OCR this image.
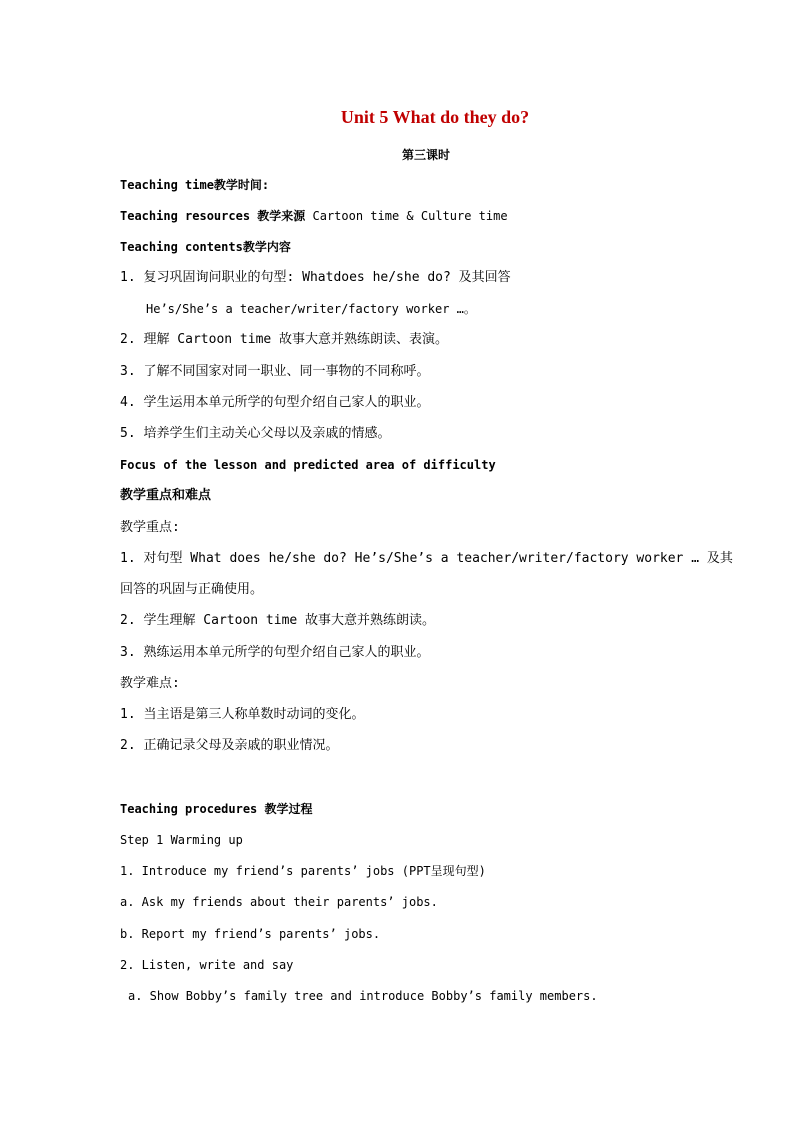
Unit 5 What do they do?
第三课时
Teaching time教学时间:
Teaching resources 教学来源 Cartoon time & Culture time
Teaching contents教学内容
1. 复习巩固询问职业的句型: Whatdoes he/she do? 及其回答
He’s/She’s a teacher/writer/factory worker …。
2. 理解 Cartoon time 故事大意并熟练朗读、表演。
3. 了解不同国家对同一职业、同一事物的不同称呼。
4. 学生运用本单元所学的句型介绍自己家人的职业。
5. 培养学生们主动关心父母以及亲戚的情感。
Focus of the lesson and predicted area of difficulty
教学重点和难点
教学重点:
1. 对句型 What does he/she do? He’s/She’s a teacher/writer/factory worker … 及其
回答的巩固与正确使用。
2. 学生理解 Cartoon time 故事大意并熟练朗读。
3. 熟练运用本单元所学的句型介绍自己家人的职业。
教学难点:
1. 当主语是第三人称单数时动词的变化。
2. 正确记录父母及亲戚的职业情况。
Teaching procedures 教学过程
Step 1 Warming up
1. Introduce my friend’s parents’ jobs (PPT呈现句型)
a. Ask my friends about their parents’ jobs.
b. Report my friend’s parents’ jobs.
2. Listen, write and say
a. Show Bobby’s family tree and introduce Bobby’s family members.
